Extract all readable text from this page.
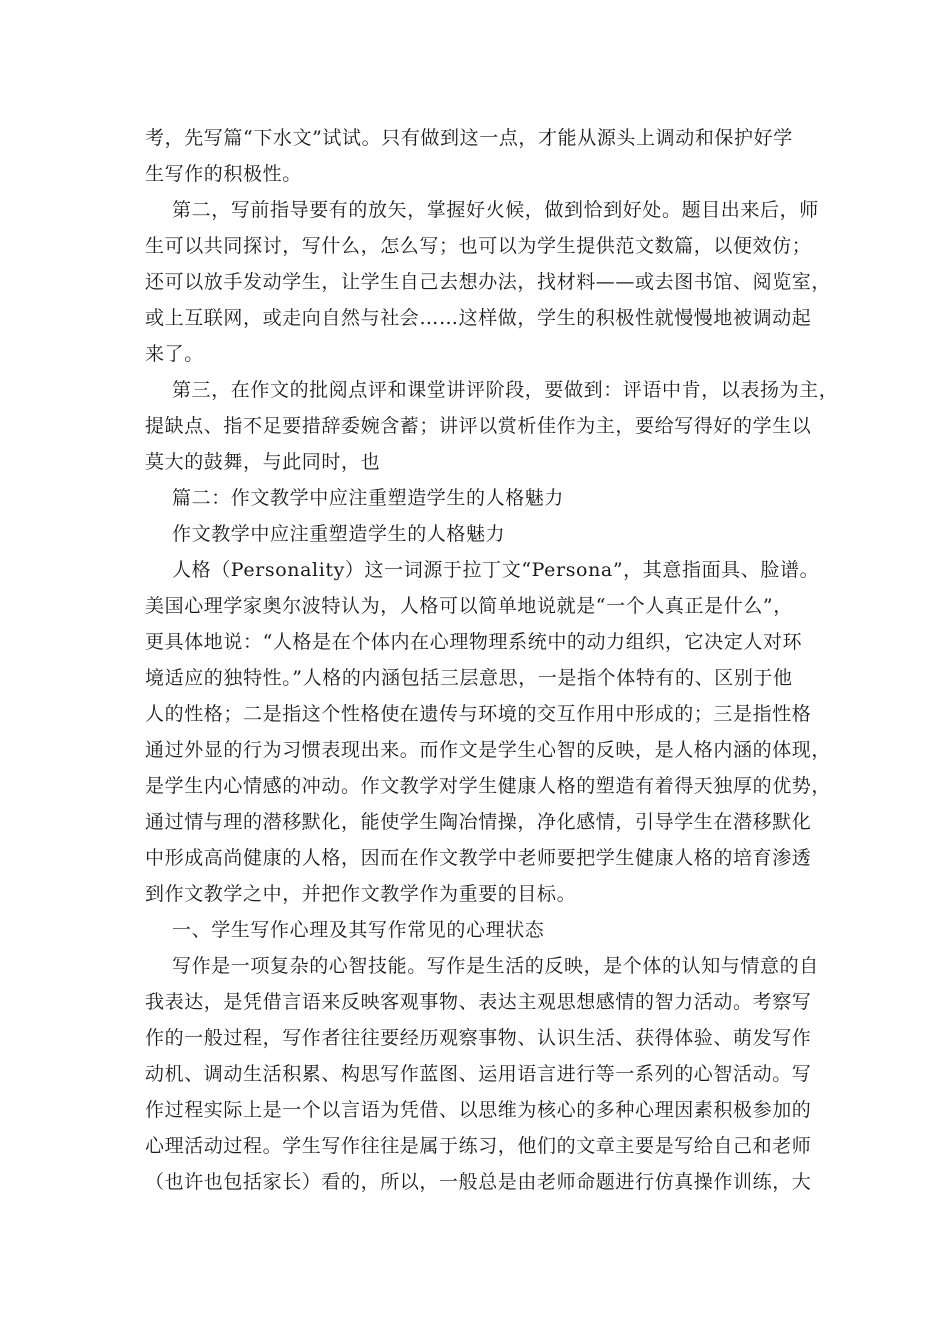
考，先写篇“下水文”试试。只有做到这一点，才能从源头上调动和保护好学
生写作的积极性。
第二，写前指导要有的放矢，掌握好火候，做到恰到好处。题目出来后，师
生可以共同探讨，写什么，怎么写；也可以为学生提供范文数篇，以便效仿；
还可以放手发动学生，让学生自己去想办法，找材料——或去图书馆、阅览室，
或上互联网，或走向自然与社会……这样做，学生的积极性就慢慢地被调动起
来了。
第三，在作文的批阅点评和课堂讲评阶段，要做到：评语中肯，以表扬为主，
提缺点、指不足要措辞委婉含蓄；讲评以赏析佳作为主，要给写得好的学生以
莫大的鼓舞，与此同时，也
篇二：作文教学中应注重塑造学生的人格魅力
作文教学中应注重塑造学生的人格魅力
人格（Personality）这一词源于拉丁文“Persona”，其意指面具、脸谱。
美国心理学家奥尔波特认为，人格可以简单地说就是“一个人真正是什么”，
更具体地说：“人格是在个体内在心理物理系统中的动力组织，它决定人对环
境适应的独特性。”人格的内涵包括三层意思，一是指个体特有的、区别于他
人的性格；二是指这个性格使在遗传与环境的交互作用中形成的；三是指性格
通过外显的行为习惯表现出来。而作文是学生心智的反映，是人格内涵的体现，
是学生内心情感的冲动。作文教学对学生健康人格的塑造有着得天独厚的优势，
通过情与理的潜移默化，能使学生陶冶情操，净化感情，引导学生在潜移默化
中形成高尚健康的人格，因而在作文教学中老师要把学生健康人格的培育渗透
到作文教学之中，并把作文教学作为重要的目标。
一、学生写作心理及其写作常见的心理状态
写作是一项复杂的心智技能。写作是生活的反映，是个体的认知与情意的自
我表达，是凭借言语来反映客观事物、表达主观思想感情的智力活动。考察写
作的一般过程，写作者往往要经历观察事物、认识生活、获得体验、萌发写作
动机、调动生活积累、构思写作蓝图、运用语言进行等一系列的心智活动。写
作过程实际上是一个以言语为凭借、以思维为核心的多种心理因素积极参加的
心理活动过程。学生写作往往是属于练习，他们的文章主要是写给自己和老师
（也许也包括家长）看的，所以，一般总是由老师命题进行仿真操作训练，大
